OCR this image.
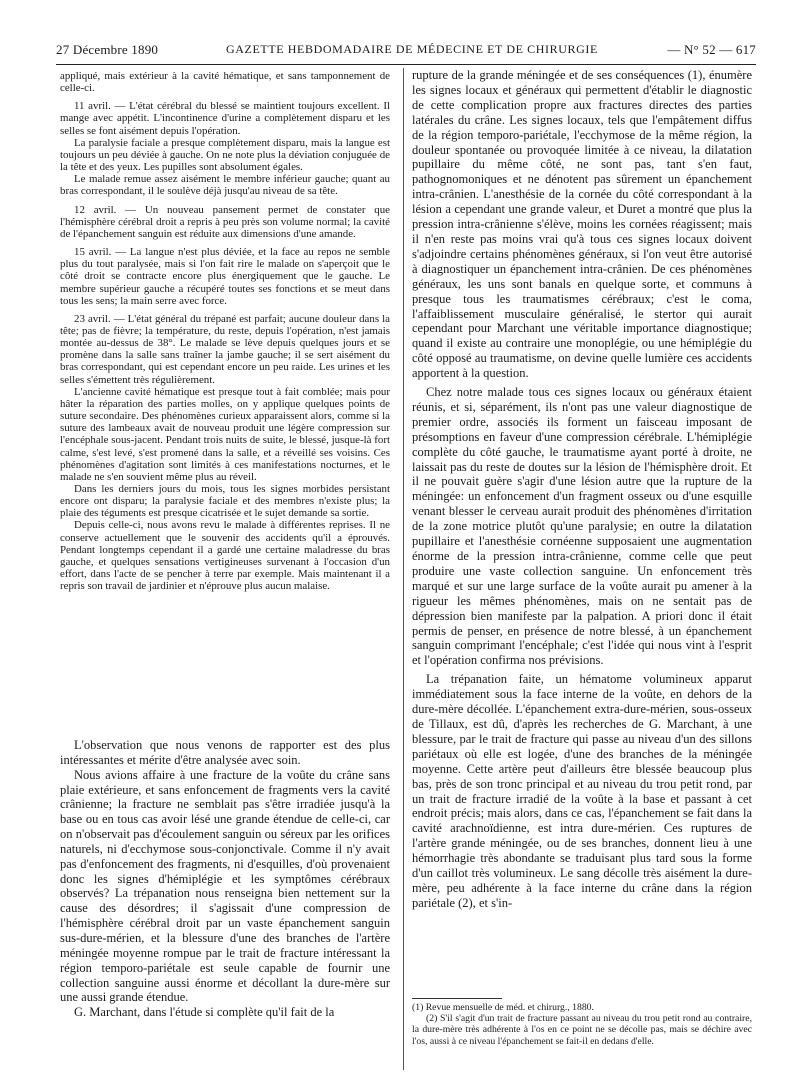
27 Décembre 1890	GAZETTE HEBDOMADAIRE DE MÉDECINE ET DE CHIRURGIE	— N° 52 — 617

appliqué, mais extérieur à la cavité hématique, et sans tamponnement de celle-ci.

11 avril. — L'état cérébral du blessé se maintient toujours excellent. Il mange avec appétit. L'incontinence d'urine a complètement disparu et les selles se font aisément depuis l'opération.

La paralysie faciale a presque complètement disparu, mais la langue est toujours un peu déviée à gauche. On ne note plus la déviation conjuguée de la tête et des yeux. Les pupilles sont absolument égales.

Le malade remue assez aisément le membre inférieur gauche; quant au bras correspondant, il le soulève déjà jusqu'au niveau de sa tête.

12 avril. — Un nouveau pansement permet de constater que l'hémisphère cérébral droit a repris à peu près son volume normal; la cavité de l'épanchement sanguin est réduite aux dimensions d'une amande.

15 avril. — La langue n'est plus déviée, et la face au repos ne semble plus du tout paralysée, mais si l'on fait rire le malade on s'aperçoit que le côté droit se contracte encore plus énergiquement que le gauche. Le membre supérieur gauche a récupéré toutes ses fonctions et se meut dans tous les sens; la main serre avec force.

23 avril. — L'état général du trépané est parfait; aucune douleur dans la tête; pas de fièvre; la température, du reste, depuis l'opération, n'est jamais montée au-dessus de 38°. Le malade se lève depuis quelques jours et se promène dans la salle sans traîner la jambe gauche; il se sert aisément du bras correspondant, qui est cependant encore un peu raide. Les urines et les selles s'émettent très régulièrement.

L'ancienne cavité hématique est presque tout à fait comblée; mais pour hâter la réparation des parties molles, on y applique quelques points de suture secondaire. Des phénomènes curieux apparaissent alors, comme si la suture des lambeaux avait de nouveau produit une légère compression sur l'encéphale sous-jacent. Pendant trois nuits de suite, le blessé, jusque-là fort calme, s'est levé, s'est promené dans la salle, et a réveillé ses voisins. Ces phénomènes d'agitation sont limités à ces manifestations nocturnes, et le malade ne s'en souvient même plus au réveil.

Dans les derniers jours du mois, tous les signes morbides persistant encore ont disparu; la paralysie faciale et des membres n'existe plus; la plaie des téguments est presque cicatrisée et le sujet demande sa sortie.

Depuis celle-ci, nous avons revu le malade à différentes reprises. Il ne conserve actuellement que le souvenir des accidents qu'il a éprouvés. Pendant longtemps cependant il a gardé une certaine maladresse du bras gauche, et quelques sensations vertigineuses survenant à l'occasion d'un effort, dans l'acte de se pencher à terre par exemple. Mais maintenant il a repris son travail de jardinier et n'éprouve plus aucun malaise.

L'observation que nous venons de rapporter est des plus intéressantes et mérite d'être analysée avec soin.

Nous avions affaire à une fracture de la voûte du crâne sans plaie extérieure, et sans enfoncement de fragments vers la cavité crânienne; la fracture ne semblait pas s'être irradiée jusqu'à la base ou en tous cas avoir lésé une grande étendue de celle-ci, car on n'observait pas d'écoulement sanguin ou séreux par les orifices naturels, ni d'ecchymose sous-conjonctivale. Comme il n'y avait pas d'enfoncement des fragments, ni d'esquilles, d'où provenaient donc les signes d'hémiplégie et les symptômes cérébraux observés? La trépanation nous renseigna bien nettement sur la cause des désordres; il s'agissait d'une compression de l'hémisphère cérébral droit par un vaste épanchement sanguin sus-dure-mérien, et la blessure d'une des branches de l'artère méningée moyenne rompue par le trait de fracture intéressant la région temporo-pariétale est seule capable de fournir une collection sanguine aussi énorme et décollant la dure-mère sur une aussi grande étendue.

G. Marchant, dans l'étude si complète qu'il fait de la

rupture de la grande méningée et de ses conséquences (1), énumère les signes locaux et généraux qui permettent d'établir le diagnostic de cette complication propre aux fractures directes des parties latérales du crâne. Les signes locaux, tels que l'empâtement diffus de la région temporo-pariétale, l'ecchymose de la même région, la douleur spontanée ou provoquée limitée à ce niveau, la dilatation pupillaire du même côté, ne sont pas, tant s'en faut, pathognomoniques et ne dénotent pas sûrement un épanchement intra-crânien. L'anesthésie de la cornée du côté correspondant à la lésion a cependant une grande valeur, et Duret a montré que plus la pression intra-crânienne s'élève, moins les cornées réagissent; mais il n'en reste pas moins vrai qu'à tous ces signes locaux doivent s'adjoindre certains phénomènes généraux, si l'on veut être autorisé à diagnostiquer un épanchement intra-crânien. De ces phénomènes généraux, les uns sont banals en quelque sorte, et communs à presque tous les traumatismes cérébraux; c'est le coma, l'affaiblissement musculaire généralisé, le stertor qui aurait cependant pour Marchant une véritable importance diagnostique; quand il existe au contraire une monoplégie, ou une hémiplégie du côté opposé au traumatisme, on devine quelle lumière ces accidents apportent à la question.

Chez notre malade tous ces signes locaux ou généraux étaient réunis, et si, séparément, ils n'ont pas une valeur diagnostique de premier ordre, associés ils forment un faisceau imposant de présomptions en faveur d'une compression cérébrale. L'hémiplégie complète du côté gauche, le traumatisme ayant porté à droite, ne laissait pas du reste de doutes sur la lésion de l'hémisphère droit. Et il ne pouvait guère s'agir d'une lésion autre que la rupture de la méningée: un enfoncement d'un fragment osseux ou d'une esquille venant blesser le cerveau aurait produit des phénomènes d'irritation de la zone motrice plutôt qu'une paralysie; en outre la dilatation pupillaire et l'anesthésie cornéenne supposaient une augmentation énorme de la pression intra-crânienne, comme celle que peut produire une vaste collection sanguine. Un enfoncement très marqué et sur une large surface de la voûte aurait pu amener à la rigueur les mêmes phénomènes, mais on ne sentait pas de dépression bien manifeste par la palpation. A priori donc il était permis de penser, en présence de notre blessé, à un épanchement sanguin comprimant l'encéphale; c'est l'idée qui nous vint à l'esprit et l'opération confirma nos prévisions.

La trépanation faite, un hématome volumineux apparut immédiatement sous la face interne de la voûte, en dehors de la dure-mère décollée. L'épanchement extra-dure-mérien, sous-osseux de Tillaux, est dû, d'après les recherches de G. Marchant, à une blessure, par le trait de fracture qui passe au niveau d'un des sillons pariétaux où elle est logée, d'une des branches de la méningée moyenne. Cette artère peut d'ailleurs être blessée beaucoup plus bas, près de son tronc principal et au niveau du trou petit rond, par un trait de fracture irradié de la voûte à la base et passant à cet endroit précis; mais alors, dans ce cas, l'épanchement se fait dans la cavité arachnoïdienne, est intra dure-mérien. Ces ruptures de l'artère grande méningée, ou de ses branches, donnent lieu à une hémorrhagie très abondante se traduisant plus tard sous la forme d'un caillot très volumineux. Le sang décolle très aisément la dure-mère, peu adhérente à la face interne du crâne dans la région pariétale (2), et s'in-

(1) Revue mensuelle de méd. et chirurg., 1880.

(2) S'il s'agit d'un trait de fracture passant au niveau du trou petit rond au contraire, la dure-mère très adhérente à l'os en ce point ne se décolle pas, mais se déchire avec l'os, aussi à ce niveau l'épanchement se fait-il en dedans d'elle.
